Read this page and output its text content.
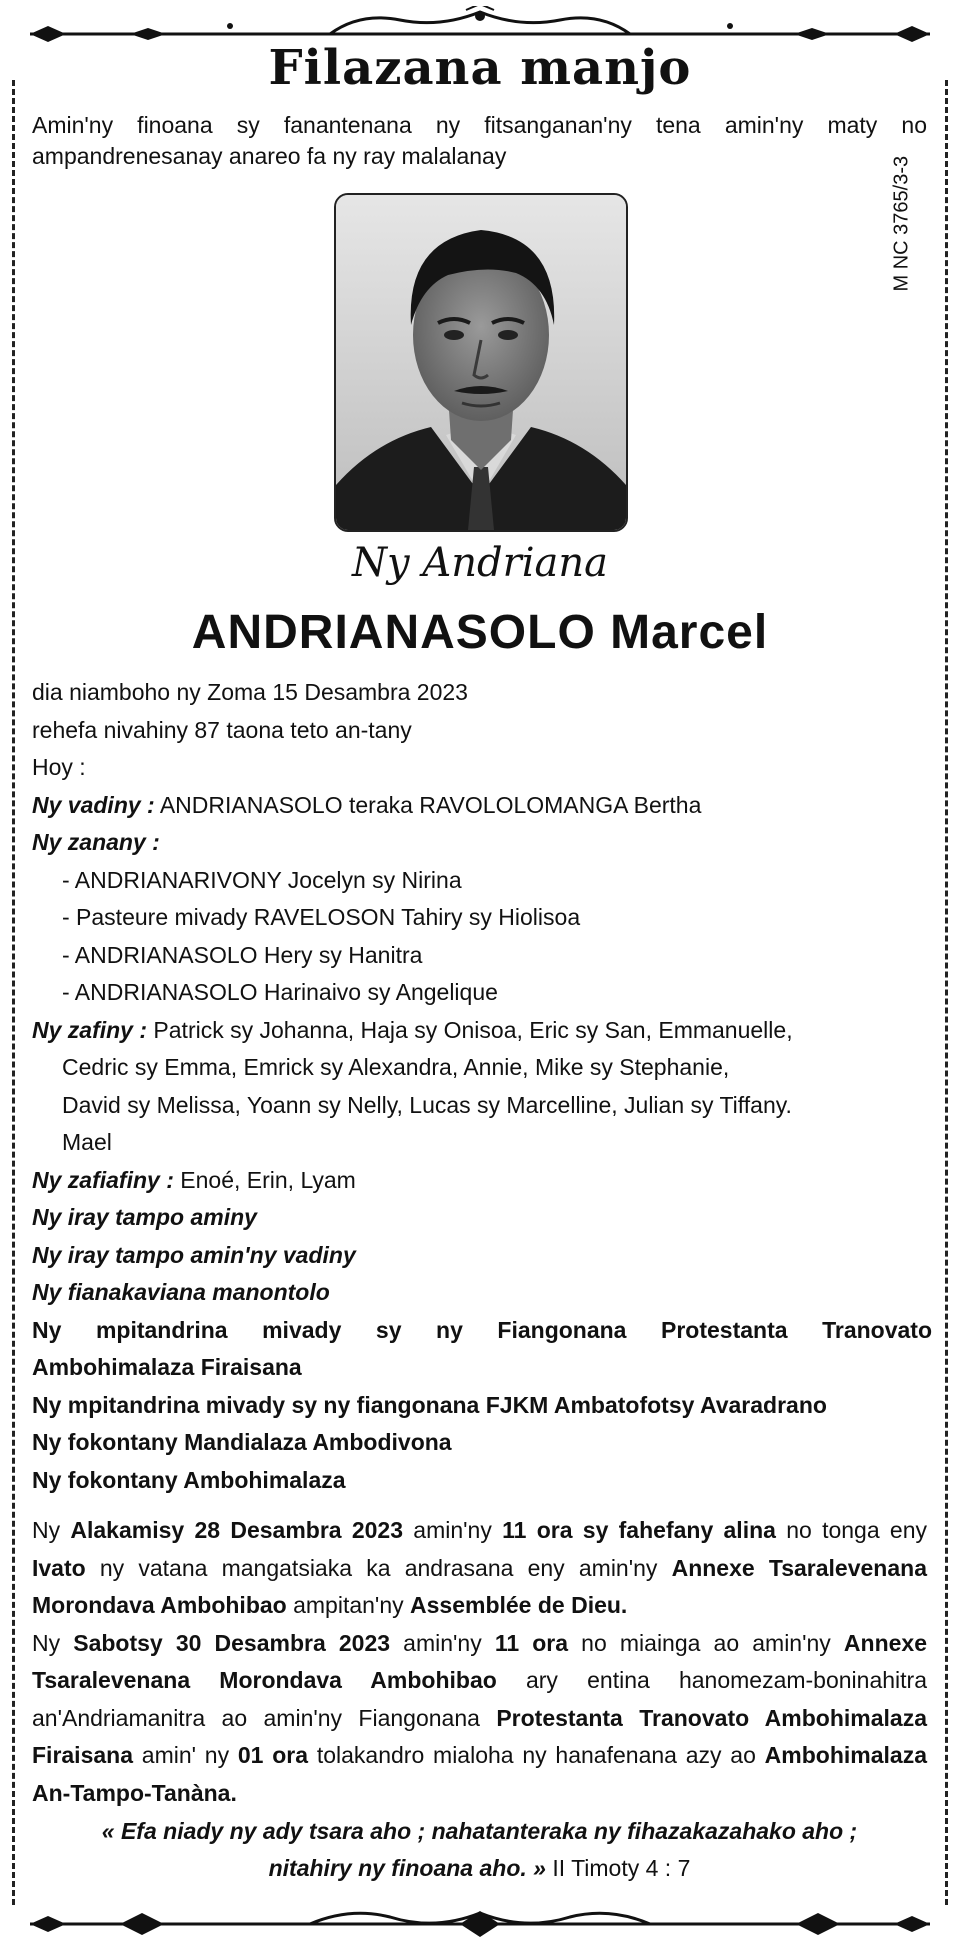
Filazana manjo
M NC 3765/3-3
Amin'ny finoana sy fanantenana ny fitsanganan'ny tena amin'ny maty no ampandrenesanay anareo fa ny ray malalanay
Ny Andriana
ANDRIANASOLO Marcel
dia niamboho ny Zoma 15 Desambra 2023
rehefa nivahiny 87 taona teto an-tany
Hoy :
Ny vadiny : ANDRIANASOLO teraka RAVOLOLOMANGA Bertha
Ny zanany :
- ANDRIANARIVONY Jocelyn sy Nirina
- Pasteure mivady RAVELOSON Tahiry sy Hiolisoa
- ANDRIANASOLO Hery sy Hanitra
- ANDRIANASOLO Harinaivo sy Angelique
Ny zafiny : Patrick sy Johanna, Haja sy Onisoa, Eric sy San, Emmanuelle,
Cedric sy Emma, Emrick sy Alexandra, Annie, Mike sy Stephanie,
David sy Melissa, Yoann sy Nelly, Lucas sy Marcelline, Julian sy Tiffany.
Mael
Ny zafiafiny : Enoé, Erin, Lyam
Ny iray tampo aminy
Ny iray tampo amin'ny vadiny
Ny fianakaviana manontolo
Ny mpitandrina mivady sy ny Fiangonana Protestanta Tranovato
Ambohimalaza Firaisana
Ny mpitandrina mivady sy ny fiangonana FJKM Ambatofotsy Avaradrano
Ny fokontany Mandialaza Ambodivona
Ny fokontany Ambohimalaza

Ny Alakamisy 28 Desambra 2023 amin'ny 11 ora sy fahefany alina no tonga eny Ivato ny vatana mangatsiaka ka andrasana eny amin'ny Annexe Tsaralevenana Morondava Ambohibao ampitan'ny Assemblée de Dieu.

Ny Sabotsy 30 Desambra 2023 amin'ny 11 ora no miainga ao amin'ny Annexe Tsaralevenana Morondava Ambohibao ary entina hanomezam-boninahitra an'Andriamanitra ao amin'ny Fiangonana Protestanta Tranovato Ambohimalaza Firaisana amin' ny 01 ora tolakandro mialoha ny hanafenana azy ao Ambohimalaza An-Tampo-Tanàna.

« Efa niady ny ady tsara aho ; nahatanteraka ny fihazakazahako aho ;
nitahiry ny finoana aho. » II Timoty 4 : 7
